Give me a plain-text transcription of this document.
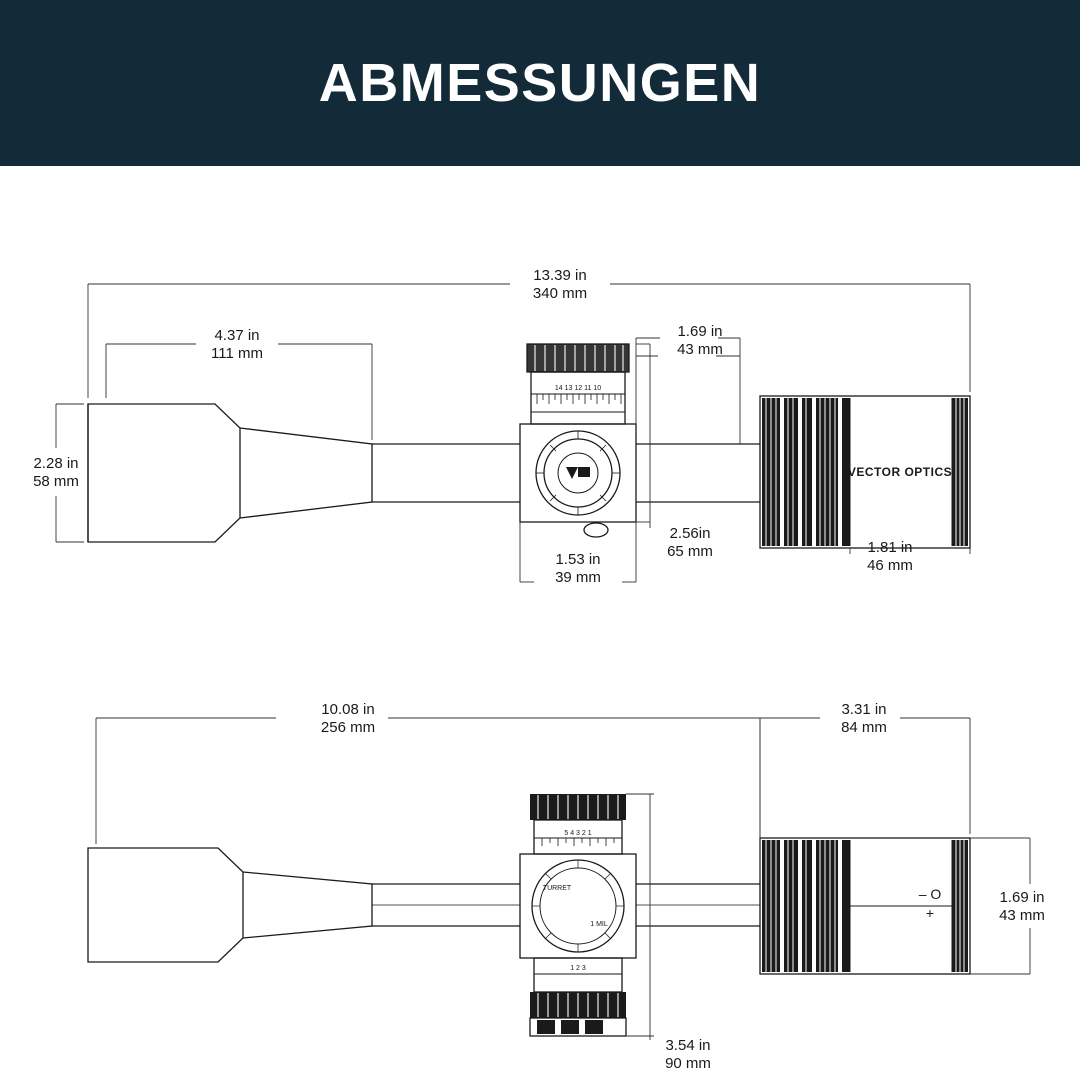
ABMESSUNGEN
14 13 12 11 10
VECTOR OPTICS
13.39 in
340 mm
4.37 in
111 mm
1.69 in
43 mm
2.28 in
58 mm
1.53 in
39 mm
2.56in
65 mm	1.81 in
46 mm
5 4 3 2 1
1 2 3
TURRET
1 MIL
– O
+
10.08 in
256 mm
3.31 in
84 mm
1.69 in
43 mm
3.54 in
90 mm
